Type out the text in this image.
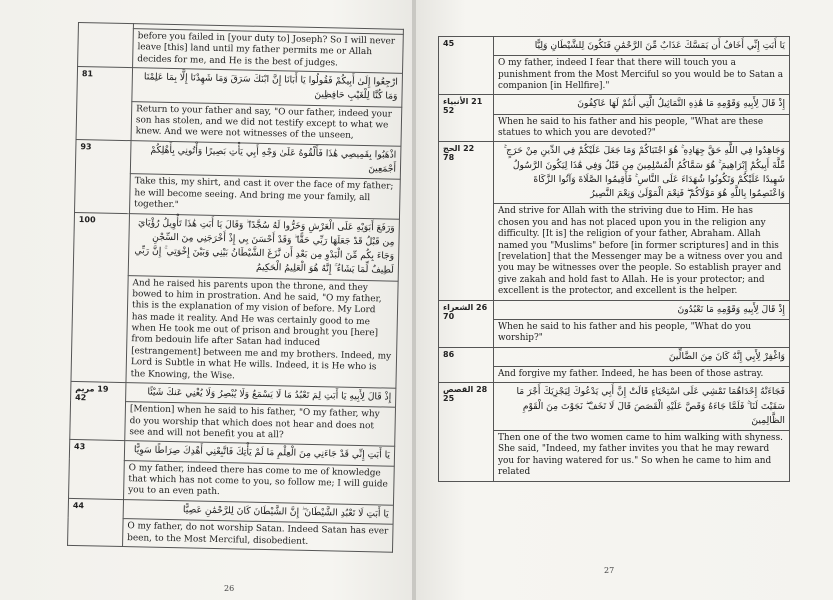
	before you failed in [your duty to] Joseph? So I will never leave [this] land until my father permits me or Allah decides for me, and He is the best of judges.

81	ارْجِعُوا إِلَىٰ أَبِيكُمْ فَقُولُوا يَا أَبَانَا إِنَّ ابْنَكَ سَرَقَ وَمَا شَهِدْنَا إِلَّا بِمَا عَلِمْنَا وَمَا كُنَّا لِلْغَيْبِ حَافِظِينَ
	Return to your father and say, "O our father, indeed your son has stolen, and we did not testify except to what we knew. And we were not witnesses of the unseen,

93	اذْهَبُوا بِقَمِيصِي هَٰذَا فَأَلْقُوهُ عَلَىٰ وَجْهِ أَبِي يَأْتِ بَصِيرًا وَأْتُونِي بِأَهْلِكُمْ أَجْمَعِينَ
	Take this, my shirt, and cast it over the face of my father; he will become seeing. And bring me your family, all together."

100	وَرَفَعَ أَبَوَيْهِ عَلَى الْعَرْشِ وَخَرُّوا لَهُ سُجَّدًا ۖ وَقَالَ يَا أَبَتِ هَٰذَا تَأْوِيلُ رُؤْيَايَ مِن قَبْلُ قَدْ جَعَلَهَا رَبِّي حَقًّا ۖ وَقَدْ أَحْسَنَ بِي إِذْ أَخْرَجَنِي مِنَ السِّجْنِ وَجَاءَ بِكُم مِّنَ الْبَدْوِ مِن بَعْدِ أَن نَّزَغَ الشَّيْطَانُ بَيْنِي وَبَيْنَ إِخْوَتِي ۚ إِنَّ رَبِّي لَطِيفٌ لِّمَا يَشَاءُ ۚ إِنَّهُ هُوَ الْعَلِيمُ الْحَكِيمُ
	And he raised his parents upon the throne, and they bowed to him in prostration. And he said, "O my father, this is the explanation of my vision of before. My Lord has made it reality. And He was certainly good to me when He took me out of prison and brought you [here] from bedouin life after Satan had induced [estrangement] between me and my brothers. Indeed, my Lord is Subtle in what He wills. Indeed, it is He who is the Knowing, the Wise.

19 مريم
42	إِذْ قَالَ لِأَبِيهِ يَا أَبَتِ لِمَ تَعْبُدُ مَا لَا يَسْمَعُ وَلَا يُبْصِرُ وَلَا يُغْنِي عَنكَ شَيْئًا
	[Mention] when he said to his father, "O my father, why do you worship that which does not hear and does not see and will not benefit you at all?

43	يَا أَبَتِ إِنِّي قَدْ جَاءَنِي مِنَ الْعِلْمِ مَا لَمْ يَأْتِكَ فَاتَّبِعْنِي أَهْدِكَ صِرَاطًا سَوِيًّا
	O my father, indeed there has come to me of knowledge that which has not come to you, so follow me; I will guide you to an even path.

44	يَا أَبَتِ لَا تَعْبُدِ الشَّيْطَانَ ۖ إِنَّ الشَّيْطَانَ كَانَ لِلرَّحْمَٰنِ عَصِيًّا
	O my father, do not worship Satan. Indeed Satan has ever been, to the Most Merciful, disobedient.
26
45	يَا أَبَتِ إِنِّي أَخَافُ أَن يَمَسَّكَ عَذَابٌ مِّنَ الرَّحْمَٰنِ فَتَكُونَ لِلشَّيْطَانِ وَلِيًّا
	O my father, indeed I fear that there will touch you a punishment from the Most Merciful so you would be to Satan a companion [in Hellfire]."

21 الأنبياء
52	إِذْ قَالَ لِأَبِيهِ وَقَوْمِهِ مَا هَٰذِهِ التَّمَاثِيلُ الَّتِي أَنتُمْ لَهَا عَاكِفُونَ
	When he said to his father and his people, "What are these statues to which you are devoted?"

22 الحج
78	وَجَاهِدُوا فِي اللَّهِ حَقَّ جِهَادِهِ ۚ هُوَ اجْتَبَاكُمْ وَمَا جَعَلَ عَلَيْكُمْ فِي الدِّينِ مِنْ حَرَجٍ ۚ مِّلَّةَ أَبِيكُمْ إِبْرَاهِيمَ ۚ هُوَ سَمَّاكُمُ الْمُسْلِمِينَ مِن قَبْلُ وَفِي هَٰذَا لِيَكُونَ الرَّسُولُ شَهِيدًا عَلَيْكُمْ وَتَكُونُوا شُهَدَاءَ عَلَى النَّاسِ ۚ فَأَقِيمُوا الصَّلَاةَ وَآتُوا الزَّكَاةَ وَاعْتَصِمُوا بِاللَّهِ هُوَ مَوْلَاكُمْ ۖ فَنِعْمَ الْمَوْلَىٰ وَنِعْمَ النَّصِيرُ
	And strive for Allah with the striving due to Him. He has chosen you and has not placed upon you in the religion any difficulty. [It is] the religion of your father, Abraham. Allah named you "Muslims" before [in former scriptures] and in this [revelation] that the Messenger may be a witness over you and you may be witnesses over the people. So establish prayer and give zakah and hold fast to Allah. He is your protector; and excellent is the protector, and excellent is the helper.

26 الشعراء
70	إِذْ قَالَ لِأَبِيهِ وَقَوْمِهِ مَا تَعْبُدُونَ
	When he said to his father and his people, "What do you worship?"

86	وَاغْفِرْ لِأَبِي إِنَّهُ كَانَ مِنَ الضَّالِّينَ
	And forgive my father. Indeed, he has been of those astray.

28 القصص
25	فَجَاءَتْهُ إِحْدَاهُمَا تَمْشِي عَلَى اسْتِحْيَاءٍ قَالَتْ إِنَّ أَبِي يَدْعُوكَ لِيَجْزِيَكَ أَجْرَ مَا سَقَيْتَ لَنَا ۚ فَلَمَّا جَاءَهُ وَقَصَّ عَلَيْهِ الْقَصَصَ قَالَ لَا تَخَفْ ۖ نَجَوْتَ مِنَ الْقَوْمِ الظَّالِمِينَ
	Then one of the two women came to him walking with shyness. She said, "Indeed, my father invites you that he may reward you for having watered for us." So when he came to him and related
27
